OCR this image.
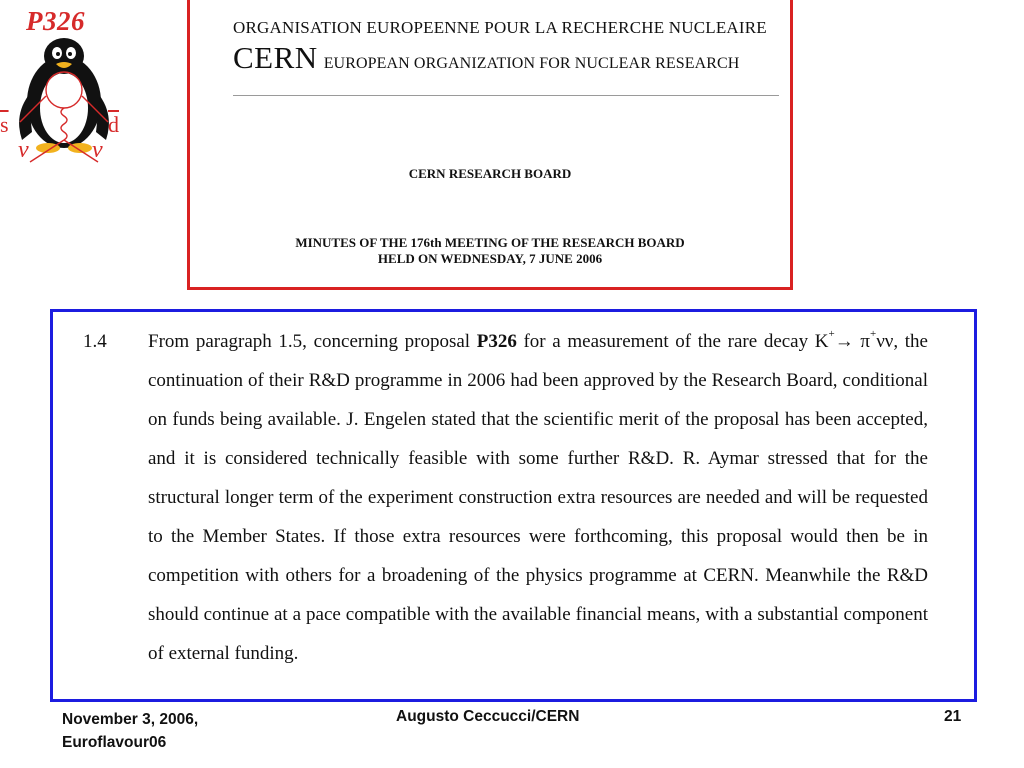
P326
$\overline{s}$	$\overline{d}$
ν	ν
ORGANISATION EUROPEENNE POUR LA RECHERCHE NUCLEAIRE
CERN EUROPEAN ORGANIZATION FOR NUCLEAR RESEARCH
CERN RESEARCH BOARD
MINUTES OF THE 176th MEETING OF THE RESEARCH BOARD
HELD ON WEDNESDAY, 7 JUNE 2006
1.4 From paragraph 1.5, concerning proposal P326 for a measurement of the rare decay K+→ π+νν, the continuation of their R&D programme in 2006 had been approved by the Research Board, conditional on funds being available. J. Engelen stated that the scientific merit of the proposal has been accepted, and it is considered technically feasible with some further R&D. R. Aymar stressed that for the structural longer term of the experiment construction extra resources are needed and will be requested to the Member States. If those extra resources were forthcoming, this proposal would then be in competition with others for a broadening of the physics programme at CERN. Meanwhile the R&D should continue at a pace compatible with the available financial means, with a substantial component of external funding.

November 3, 2006,
Euroflavour06
Augusto Ceccucci/CERN	21
